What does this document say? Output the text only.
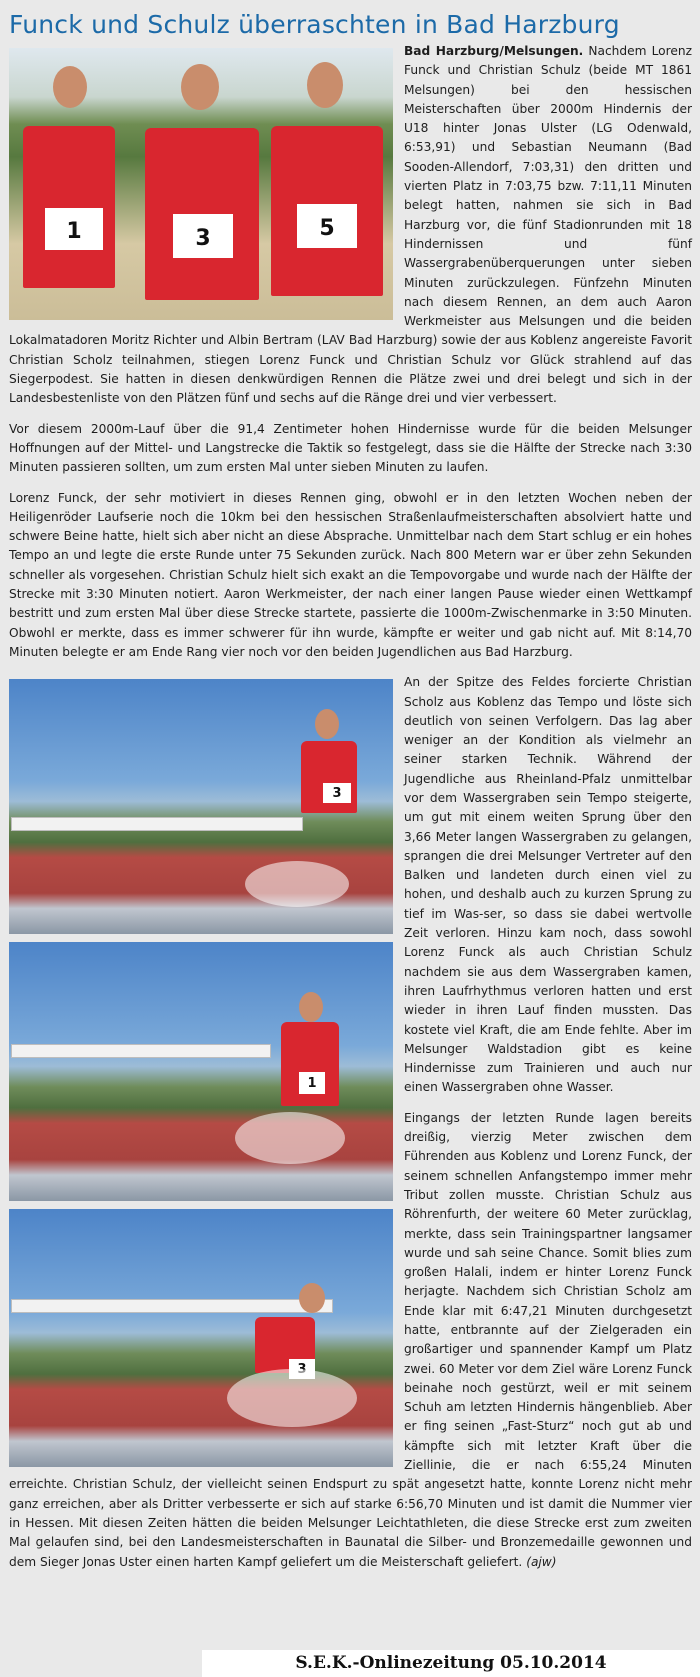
Funck und Schulz überraschten in Bad Harzburg
1	3	5

Bad Harzburg/Melsungen. Nachdem Lorenz Funck und Christian Schulz (beide MT 1861 Melsungen) bei den hessischen Meisterschaften über 2000m Hindernis der U18 hinter Jonas Ulster (LG Odenwald, 6:53,91) und Sebastian Neumann (Bad Sooden-Allendorf, 7:03,31) den dritten und vierten Platz in 7:03,75 bzw. 7:11,11 Minuten belegt hatten, nahmen sie sich in Bad Harzburg vor, die fünf Stadionrunden mit 18 Hindernissen und fünf Wassergrabenüberquerungen unter sieben Minuten zurückzulegen. Fünfzehn Minuten nach diesem Rennen, an dem auch Aaron Werkmeister aus Melsungen und die beiden Lokalmatadoren Moritz Richter und Albin Bertram (LAV Bad Harzburg) sowie der aus Koblenz angereiste Favorit Christian Scholz teilnahmen, stiegen Lorenz Funck und Christian Schulz vor Glück strahlend auf das Siegerpodest. Sie hatten in diesen denkwürdigen Rennen die Plätze zwei und drei belegt und sich in der Landesbestenliste von den Plätzen fünf und sechs auf die Ränge drei und vier verbessert.

Vor diesem 2000m-Lauf über die 91,4 Zentimeter hohen Hindernisse wurde für die beiden Melsunger Hoffnungen auf der Mittel- und Langstrecke die Taktik so festgelegt, dass sie die Hälfte der Strecke nach 3:30 Minuten passieren sollten, um zum ersten Mal unter sieben Minuten zu laufen.

Lorenz Funck, der sehr motiviert in dieses Rennen ging, obwohl er in den letzten Wochen neben der Heiligenröder Laufserie noch die 10km bei den hessischen Straßenlaufmeisterschaften absolviert hatte und schwere Beine hatte, hielt sich aber nicht an diese Absprache. Unmittelbar nach dem Start schlug er ein hohes Tempo an und legte die erste Runde unter 75 Sekunden zurück. Nach 800 Metern war er über zehn Sekunden schneller als vorgesehen. Christian Schulz hielt sich exakt an die Tempovorgabe und wurde nach der Hälfte der Strecke mit 3:30 Minuten notiert. Aaron Werkmeister, der nach einer langen Pause wieder einen Wettkampf bestritt und zum ersten Mal über diese Strecke startete, passierte die 1000m-Zwischenmarke in 3:50 Minuten. Obwohl er merkte, dass es immer schwerer für ihn wurde, kämpfte er weiter und gab nicht auf. Mit 8:14,70 Minuten belegte er am Ende Rang vier noch vor den beiden Jugendlichen aus Bad Harzburg.

3
1

An der Spitze des Feldes forcierte Christian Scholz aus Koblenz das Tempo und löste sich deutlich von seinen Verfolgern. Das lag aber weniger an der Kondition als vielmehr an seiner starken Technik. Während der Jugendliche aus Rheinland-Pfalz unmittelbar vor dem Wassergraben sein Tempo steigerte, um gut mit einem weiten Sprung über den 3,66 Meter langen Wassergraben zu gelangen, sprangen die drei Melsunger Vertreter auf den Balken und landeten durch einen viel zu hohen, und deshalb auch zu kurzen Sprung zu tief im Was-ser, so dass sie dabei wertvolle Zeit verloren. Hinzu kam noch, dass sowohl Lorenz Funck als auch Christian Schulz nachdem sie aus dem Wassergraben kamen, ihren Laufrhythmus verloren hatten und erst wieder in ihren Lauf finden mussten. Das kostete viel Kraft, die am Ende fehlte. Aber im Melsunger Waldstadion gibt es keine Hindernisse zum Trainieren und auch nur einen Wassergraben ohne Wasser.

Eingangs der letzten Runde lagen bereits dreißig, vierzig Meter zwischen dem Führenden aus Koblenz und Lorenz Funck, der seinem schnellen Anfangstempo immer mehr Tribut zollen musste. Christian Schulz aus Röhrenfurth, der weitere 60 Meter zurücklag, merkte, dass sein Trainingspartner langsamer wurde und sah seine Chance. Somit blies zum großen Halali, indem er hinter Lorenz Funck herjagte. Nachdem sich Christian Scholz am Ende klar mit 6:47,21 Minuten durchgesetzt hatte, entbrannte auf der Zielgeraden ein großartiger und spannender Kampf um Platz zwei. 60 Meter vor dem Ziel wäre Lorenz Funck beinahe noch gestürzt, weil er mit seinem Schuh am letzten Hindernis hängenblieb. Aber er fing seinen „Fast-Sturz“ noch gut ab und kämpfte sich mit letzter Kraft über die Ziellinie, die er nach 6:55,24 Minuten erreichte. Christian Schulz, der vielleicht seinen Endspurt zu spät angesetzt hatte, konnte Lorenz nicht mehr ganz erreichen, aber als Dritter verbesserte er sich auf starke 6:56,70 Minuten und ist damit die Nummer vier in Hessen. Mit diesen Zeiten hätten die beiden Melsunger Leichtathleten, die diese Strecke erst zum zweiten Mal gelaufen sind, bei den Landesmeisterschaften in Baunatal die Silber- und Bronzemedaille gewonnen und dem Sieger Jonas Uster einen harten Kampf geliefert um die Meisterschaft geliefert. (ajw)

S.E.K.-Onlinezeitung 05.10.2014
